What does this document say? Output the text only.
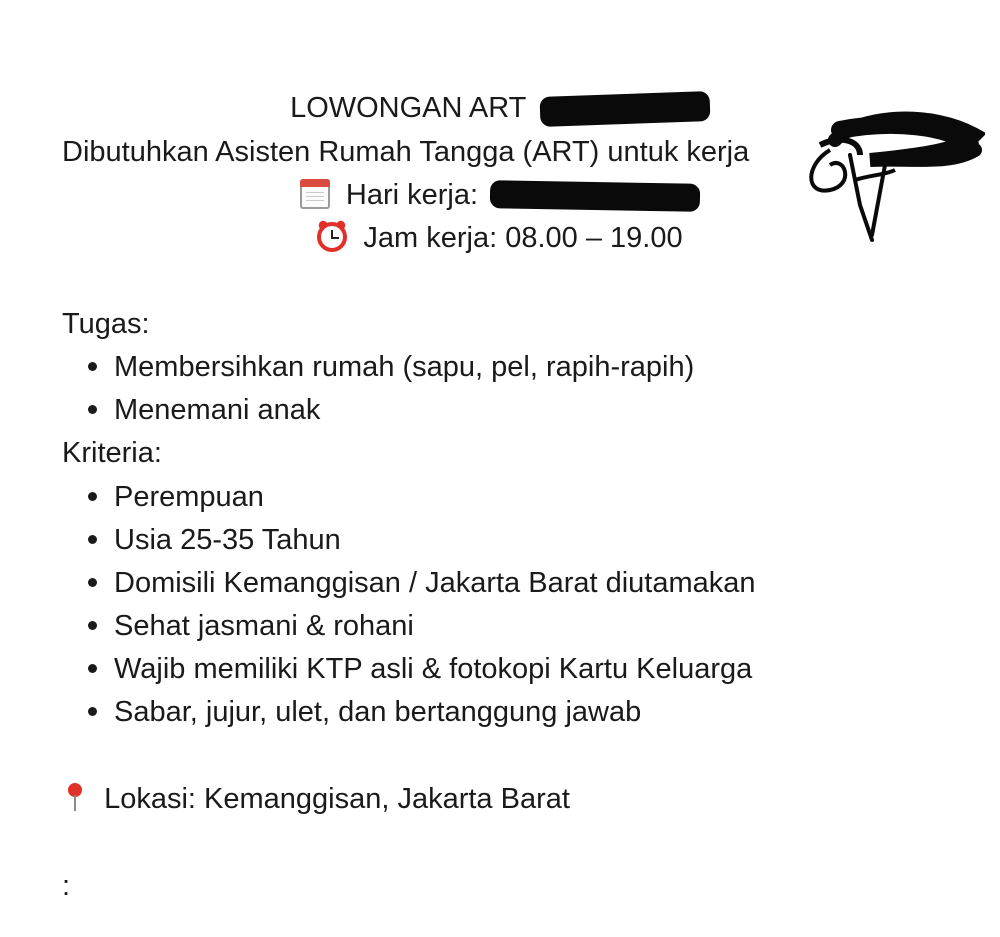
LOWONGAN ART
Dibutuhkan Asisten Rumah Tangga (ART) untuk kerja
Hari kerja:
Jam kerja: 08.00 – 19.00
Tugas:
Membersihkan rumah (sapu, pel, rapih-rapih)
Menemani anak
Kriteria:
Perempuan
Usia 25-35 Tahun
Domisili Kemanggisan / Jakarta Barat diutamakan
Sehat jasmani & rohani
Wajib memiliki KTP asli & fotokopi Kartu Keluarga
Sabar, jujur, ulet, dan bertanggung jawab
Lokasi: Kemanggisan, Jakarta Barat
:
